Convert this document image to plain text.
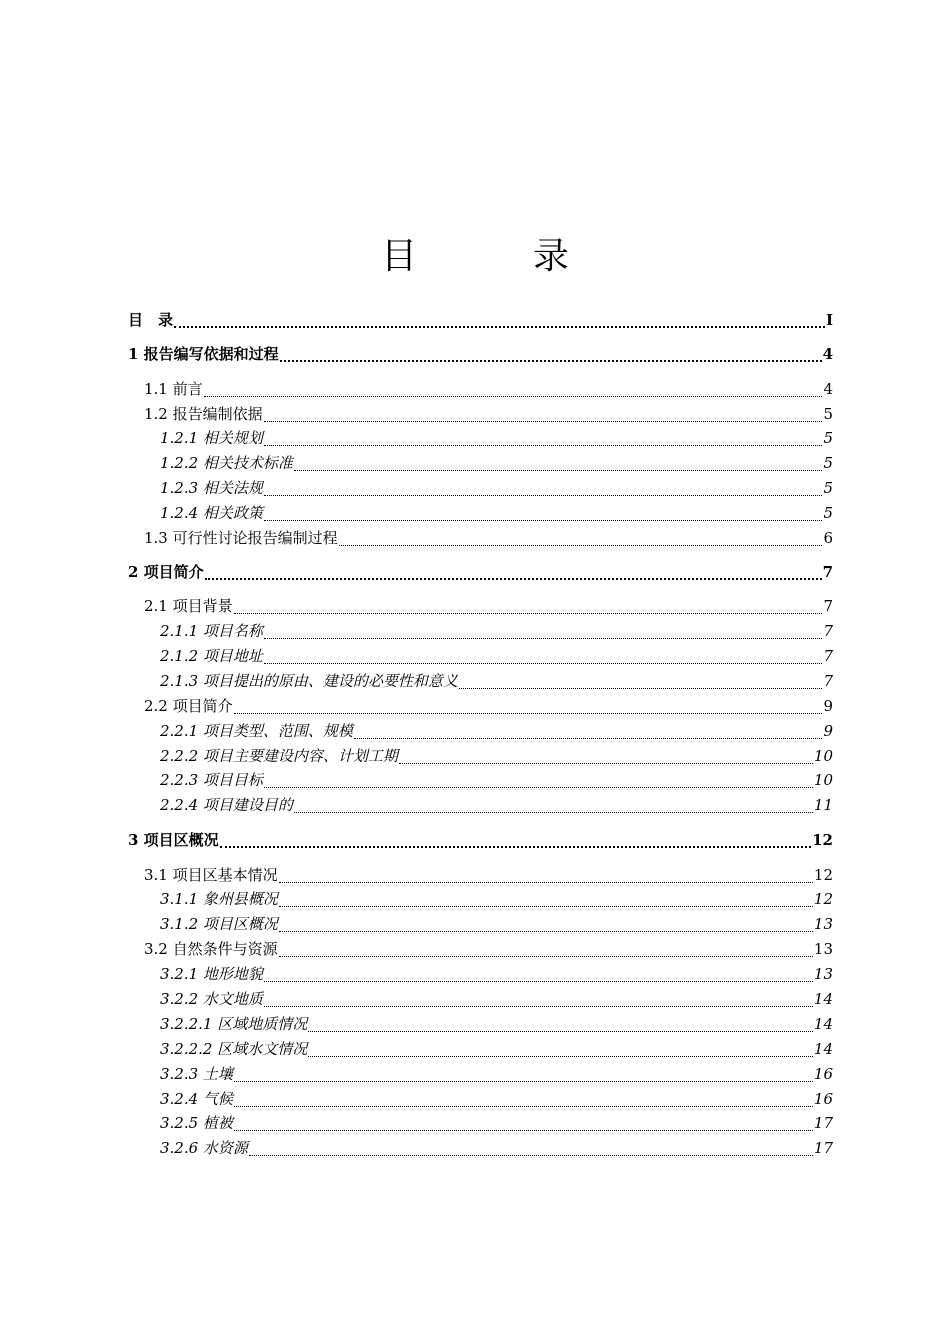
目　录
目　录	I
1 报告编写依据和过程	4
1.1 前言	4
1.2 报告编制依据	5
1.2.1 相关规划	5
1.2.2 相关技术标准	5
1.2.3 相关法规	5
1.2.4 相关政策	5
1.3 可行性讨论报告编制过程	6
2 项目简介	7
2.1 项目背景	7
2.1.1 项目名称	7
2.1.2 项目地址	7
2.1.3 项目提出的原由、建设的必要性和意义	7
2.2 项目简介	9
2.2.1 项目类型、范围、规模	9
2.2.2 项目主要建设内容、计划工期	10
2.2.3 项目目标	10
2.2.4 项目建设目的	11
3 项目区概况	12
3.1 项目区基本情况	12
3.1.1 象州县概况	12
3.1.2 项目区概况	13
3.2 自然条件与资源	13
3.2.1 地形地貌	13
3.2.2 水文地质	14
3.2.2.1 区域地质情况	14
3.2.2.2 区域水文情况	14
3.2.3 土壤	16
3.2.4 气候	16
3.2.5 植被	17
3.2.6 水资源	17
